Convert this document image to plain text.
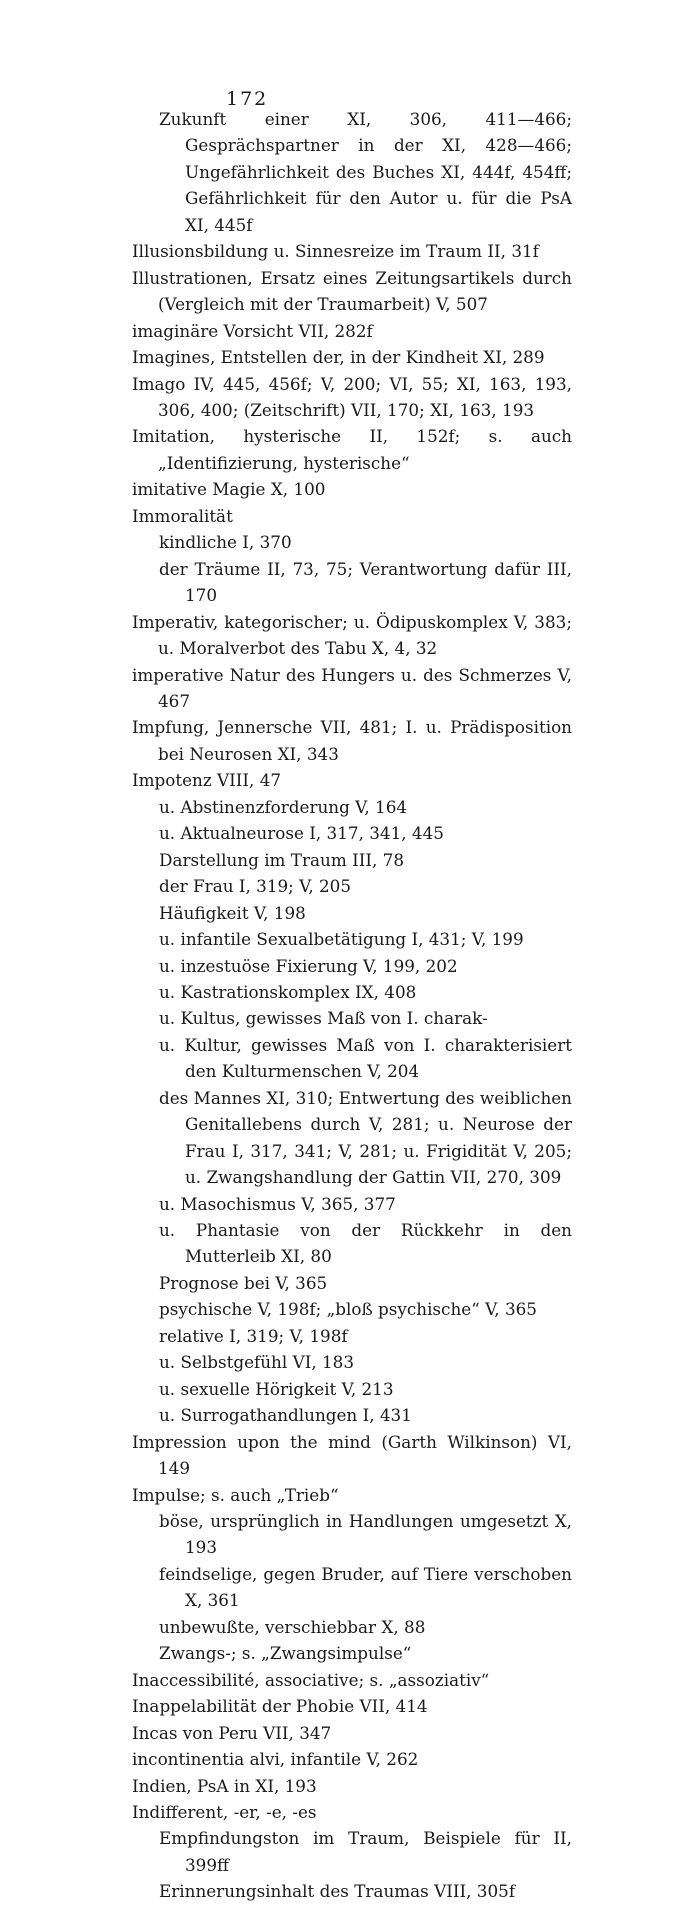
172

Zukunft einer XI, 306, 411—466; Gesprächspartner in der XI, 428—466; Ungefährlichkeit des Buches XI, 444f, 454ff; Gefährlichkeit für den Autor u. für die PsA XI, 445f

Illusionsbildung u. Sinnesreize im Traum II, 31f

Illustrationen, Ersatz eines Zeitungsartikels durch (Vergleich mit der Traumarbeit) V, 507

imaginäre Vorsicht VII, 282f

Imagines, Entstellen der, in der Kindheit XI, 289

Imago IV, 445, 456f; V, 200; VI, 55; XI, 163, 193, 306, 400; (Zeitschrift) VII, 170; XI, 163, 193

Imitation, hysterische II, 152f; s. auch „Identifizierung, hysterische“

imitative Magie X, 100

Immoralität

kindliche I, 370

der Träume II, 73, 75; Verantwortung dafür III, 170

Imperativ, kategorischer; u. Ödipuskomplex V, 383; u. Moralverbot des Tabu X, 4, 32

imperative Natur des Hungers u. des Schmerzes V, 467

Impfung, Jennersche VII, 481; I. u. Prädisposition bei Neurosen XI, 343

Impotenz VIII, 47

u. Abstinenzforderung V, 164

u. Aktualneurose I, 317, 341, 445

Darstellung im Traum III, 78

der Frau I, 319; V, 205

Häufigkeit V, 198

u. infantile Sexualbetätigung I, 431; V, 199

u. inzestuöse Fixierung V, 199, 202

u. Kastrationskomplex IX, 408

u. Kultus, gewisses Maß von I. charak-

u. Kultur, gewisses Maß von I. charakterisiert den Kulturmenschen V, 204

des Mannes XI, 310; Entwertung des weiblichen Genitallebens durch V, 281; u. Neurose der Frau I, 317, 341; V, 281; u. Frigidität V, 205; u. Zwangshandlung der Gattin VII, 270, 309

u. Masochismus V, 365, 377

u. Phantasie von der Rückkehr in den Mutterleib XI, 80

Prognose bei V, 365

psychische V, 198f; „bloß psychische“ V, 365

relative I, 319; V, 198f

u. Selbstgefühl VI, 183

u. sexuelle Hörigkeit V, 213

u. Surrogathandlungen I, 431

Impression upon the mind (Garth Wilkinson) VI, 149

Impulse; s. auch „Trieb“

böse, ursprünglich in Handlungen umgesetzt X, 193

feindselige, gegen Bruder, auf Tiere verschoben X, 361

unbewußte, verschiebbar X, 88

Zwangs-; s. „Zwangsimpulse“

Inaccessibilité, associative; s. „assoziativ“

Inappelabilität der Phobie VII, 414

Incas von Peru VII, 347

incontinentia alvi, infantile V, 262

Indien, PsA in XI, 193

Indifferent, -er, -e, -es

Empfindungston im Traum, Beispiele für II, 399ff

Erinnerungsinhalt des Traumas VIII, 305f
